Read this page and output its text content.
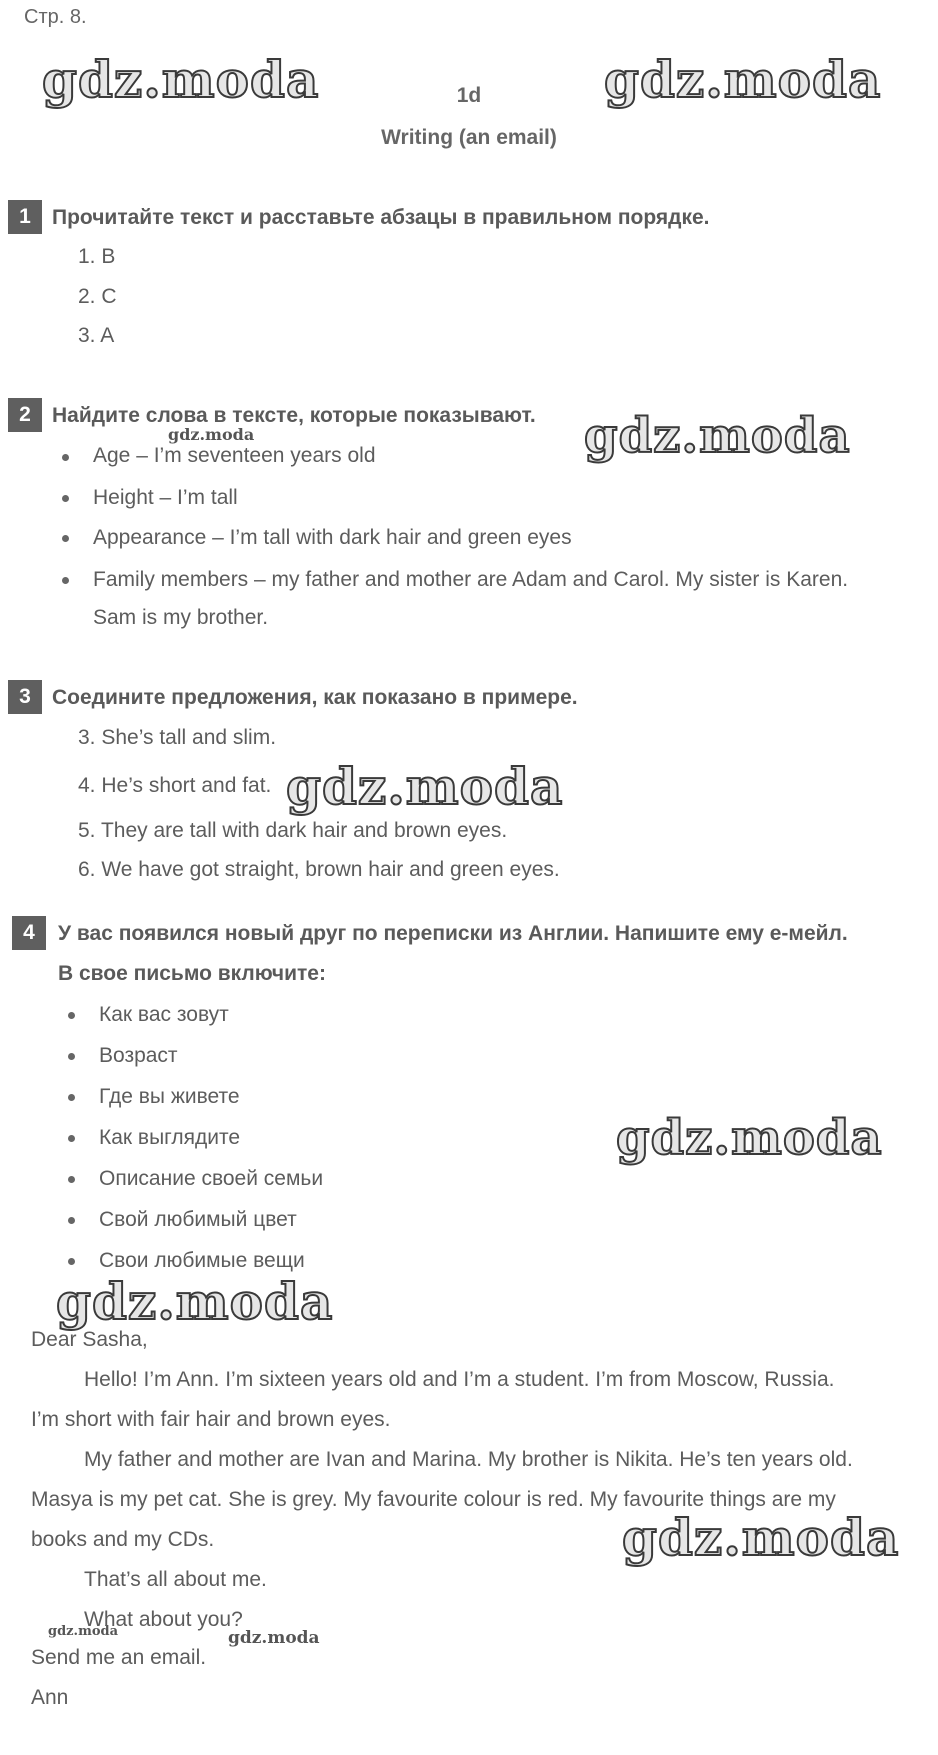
Стр. 8.
1d
Writing (an email)
gdz.moda	gdz.moda
gdz.moda
gdz.moda
gdz.moda
gdz.moda
gdz.moda
gdz.moda
gdz.moda	gdz.moda
1	Прочитайте текст и расставьте абзацы в правильном порядке.
1. B
2. C
3. A
2	Найдите слова в тексте, которые показывают.
Age – I’m seventeen years old
Height – I’m tall
Appearance – I’m tall with dark hair and green eyes
Family members – my father and mother are Adam and Carol. My sister is Karen.
Sam is my brother.
3	Соедините предложения, как показано в примере.
3. She’s tall and slim.
4. He’s short and fat.
5. They are tall with dark hair and brown eyes.
6. We have got straight, brown hair and green eyes.
4	У вас появился новый друг по переписки из Англии. Напишите ему е-мейл.
В свое письмо включите:
Как вас зовут
Возраст
Где вы живете
Как выглядите
Описание своей семьи
Свой любимый цвет
Свои любимые вещи
Dear Sasha,
Hello! I’m Ann. I’m sixteen years old and I’m a student. I’m from Moscow, Russia.
I’m short with fair hair and brown eyes.
My father and mother are Ivan and Marina. My brother is Nikita. He’s ten years old.
Masya is my pet cat. She is grey. My favourite colour is red. My favourite things are my
books and my CDs.
That’s all about me.
What about you?
Send me an email.
Ann
